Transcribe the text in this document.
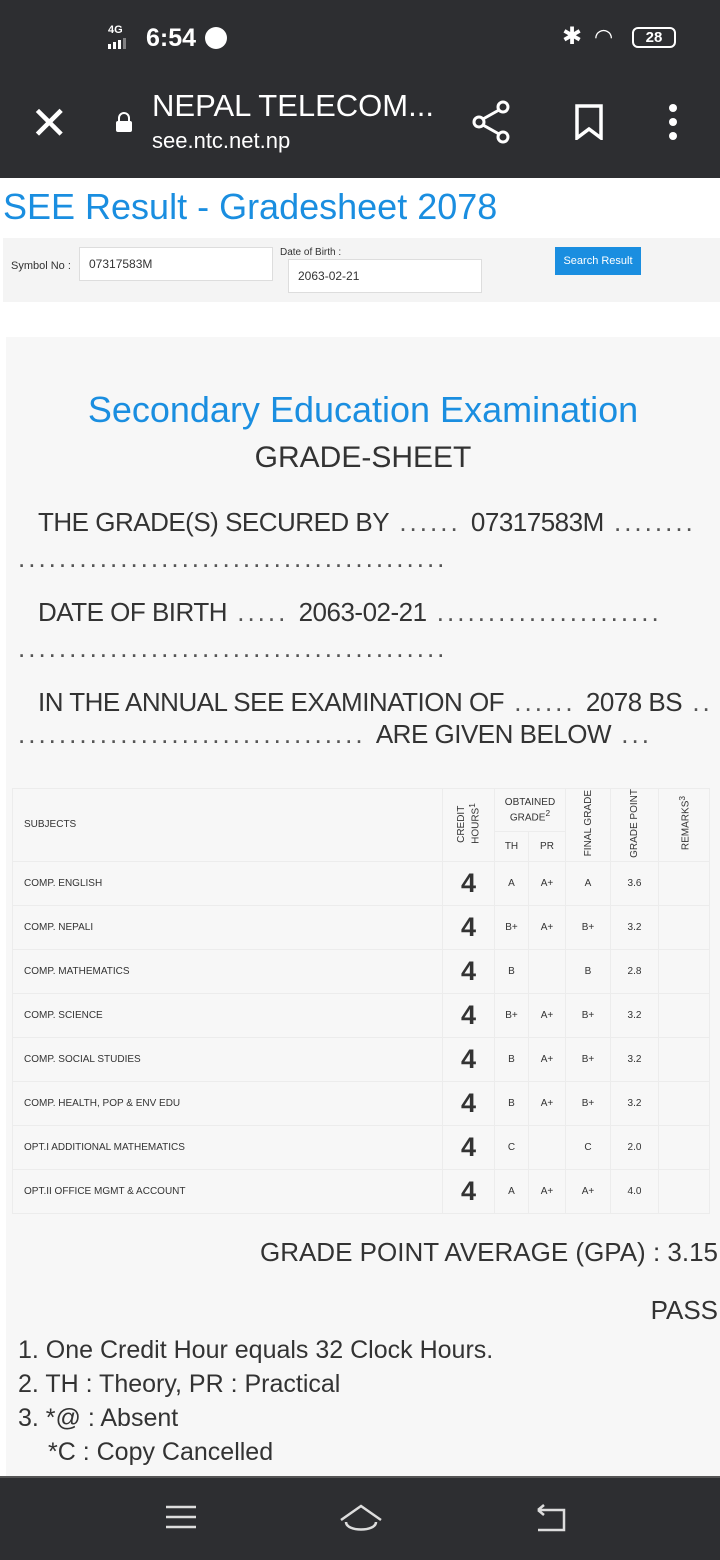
4G 6:54	✱ ◠	28
✕	NEPAL TELECOM...
see.ntc.net.np
SEE Result - Gradesheet 2078
Symbol No :	07317583M
Date of Birth :
2063-02-21
Search Result
Secondary Education Examination
GRADE-SHEET
THE GRADE(S) SECURED BY ...... 07317583M ........
..........................................
DATE OF BIRTH ..... 2063-02-21 ......................
..........................................
IN THE ANNUAL SEE EXAMINATION OF ...... 2078 BS ..
.................................. ARE GIVEN BELOW ...
SUBJECTS	CREDIT HOURS$^1$	OBTAINED GRADE$^2$		FINAL GRADE	GRADE POINT	REMARKS$^3$
		TH	PR			
COMP. ENGLISH	4	A	A+	A	3.6	
COMP. NEPALI	4	B+	A+	B+	3.2	
COMP. MATHEMATICS	4	B		B	2.8	
COMP. SCIENCE	4	B+	A+	B+	3.2	
COMP. SOCIAL STUDIES	4	B	A+	B+	3.2	
COMP. HEALTH, POP & ENV EDU	4	B	A+	B+	3.2	
OPT.I ADDITIONAL MATHEMATICS	4	C		C	2.0	
OPT.II OFFICE MGMT & ACCOUNT	4	A	A+	A+	4.0	
GRADE POINT AVERAGE (GPA) : 3.15
PASS
1. One Credit Hour equals 32 Clock Hours.
2. TH : Theory, PR : Practical
3. *@ : Absent
*C : Copy Cancelled
